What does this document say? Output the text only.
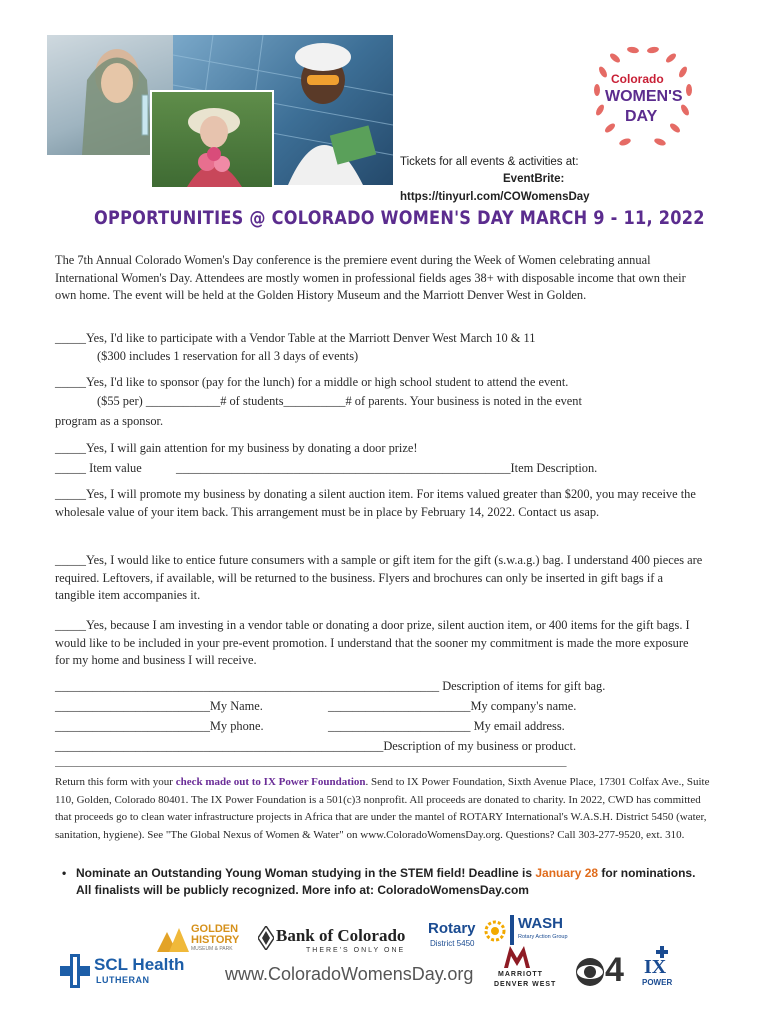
Colorado
WOMEN'S
DAY
Tickets for all events & activities at:
EventBrite:
https://tinyurl.com/COWomensDay
OPPORTUNITIES @ COLORADO WOMEN'S DAY MARCH 9 - 11, 2022
The 7th Annual Colorado Women's Day conference is the premiere event during the Week of Women celebrating annual International Women's Day. Attendees are mostly women in professional fields ages 38+ with disposable income that own their own home. The event will be held at the Golden History Museum and the Marriott Denver West in Golden.
_____Yes, I'd like to participate with a Vendor Table at the Marriott Denver West March 10 & 11
($300 includes 1 reservation for all 3 days of events)
_____Yes, I'd like to sponsor (pay for the lunch) for a middle or high school student to attend the event.
($55 per) ____________# of students__________# of parents. Your business is noted in the event
program as a sponsor.
_____Yes, I will gain attention for my business by donating a door prize!
_____ Item value	______________________________________________________Item Description.
_____Yes, I will promote my business by donating a silent auction item. For items valued greater than $200, you may receive the wholesale value of your item back. This arrangement must be in place by February 14, 2022. Contact us asap.
_____Yes, I would like to entice future consumers with a sample or gift item for the gift (s.w.a.g.) bag. I understand 400 pieces are required. Leftovers, if available, will be returned to the business. Flyers and brochures can only be inserted in gift bags if a tangible item accompanies it.
_____Yes, because I am investing in a vendor table or donating a door prize, silent auction item, or 400 items for the gift bags. I would like to be included in your pre-event promotion. I understand that the sooner my commitment is made the more exposure for my home and business I will receive.
______________________________________________________________ Description of items for gift bag.
_________________________My Name.	_______________________My company's name.
_________________________My phone.	_______________________ My email address.
_____________________________________________________Description of my business or product.
_____________________________________________________________________________________________
Return this form with your check made out to IX Power Foundation. Send to IX Power Foundation, Sixth Avenue Place, 17301 Colfax Ave., Suite 110, Golden, Colorado 80401. The IX Power Foundation is a 501(c)3 nonprofit. All proceeds are donated to charity. In 2022, CWD has committed that proceeds go to clean water infrastructure projects in Africa that are under the mantel of ROTARY International's W.A.S.H. District 5450 (water, sanitation, hygiene). See "The Global Nexus of Women & Water" on www.ColoradoWomensDay.org. Questions? Call 303-277-9520, ext. 310.
• Nominate an Outstanding Young Woman studying in the STEM field! Deadline is January 28 for nominations. All finalists will be publicly recognized. More info at: ColoradoWomensDay.com
GOLDEN
HISTORY
MUSEUM & PARK
Bank of Colorado
THERE'S ONLY ONE
Rotary
District 5450
WASH
Rotary Action Group
SCL Health
LUTHERAN	www.ColoradoWomensDay.org	MARRIOTT
DENVER WEST 4 IX
POWER
